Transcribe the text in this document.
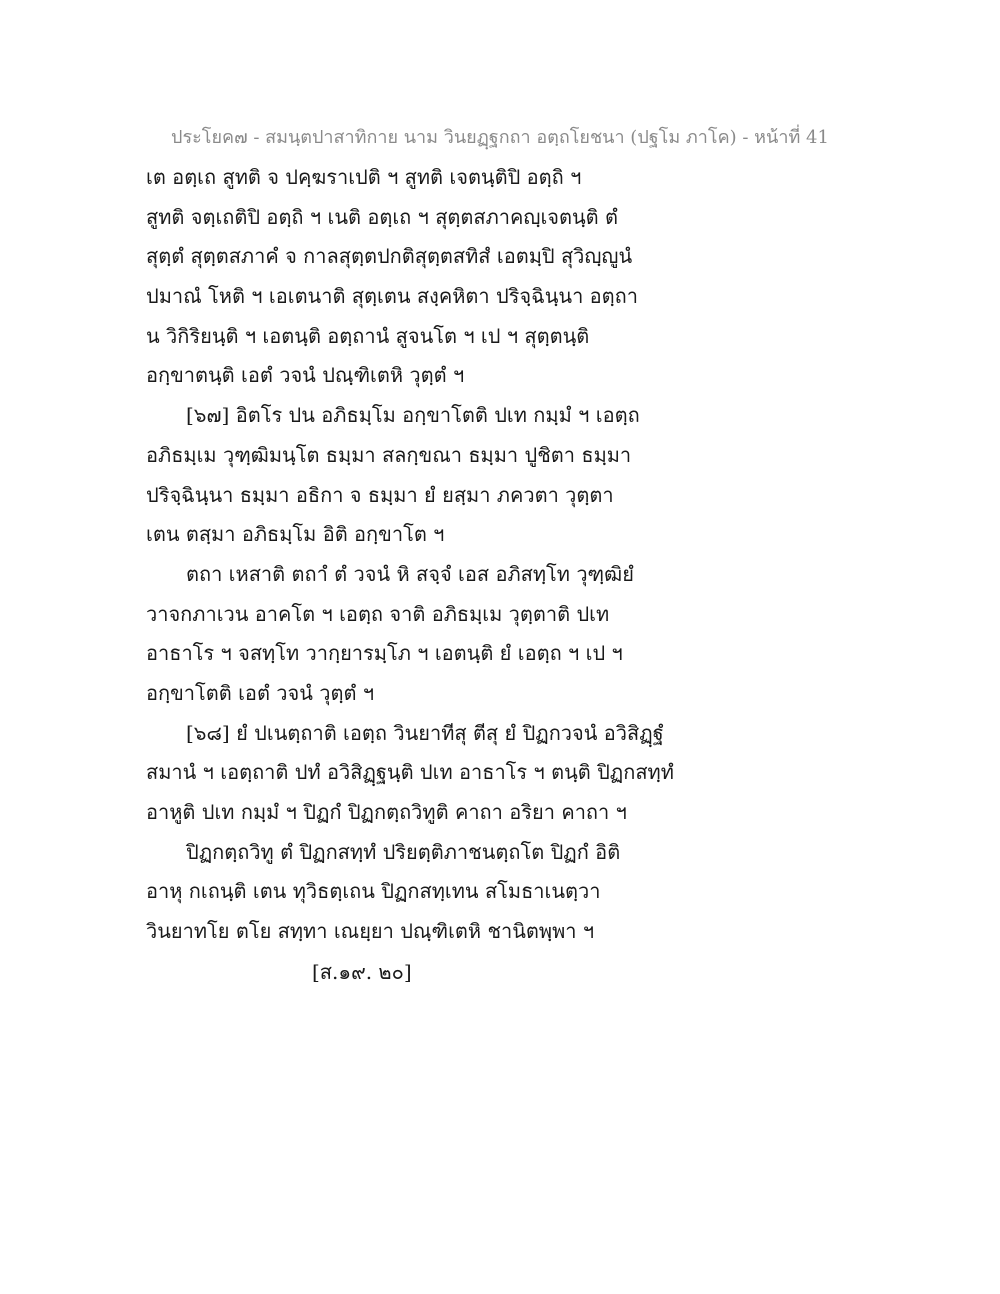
ประโยค๗ - สมนฺตปาสาทิกาย นาม วินยฏฺฐกถา อตฺถโยชนา (ปฐโม ภาโค) - หน้าที่ 41
เต อตฺเถ สูทติ จ ปคฺฆราเปติ ฯ สูทติ เจตนฺติปิ อตฺถิ ฯ
สูทติ จตฺเถติปิ อตฺถิ ฯ เนติ อตฺเถ ฯ สุตฺตสภาคญฺเจตนฺติ ตํ
สุตฺตํ สุตฺตสภาคํ จ กาลสุตฺตปกติสุตฺตสทิสํ เอตมฺปิ สุวิญฺญูนํ
ปมาณํ โหติ ฯ เอเตนาติ สุตฺเตน สงฺคหิตา ปริจฺฉินฺนา อตฺถา
น วิกิริยนฺติ ฯ เอตนฺติ อตฺถานํ สูจนโต ฯ เป ฯ สุตฺตนฺติ
อกฺขาตนฺติ เอตํ วจนํ ปณฺฑิเตหิ วุตฺตํ ฯ
[๖๗] อิตโร ปน อภิธมฺโม อกฺขาโตติ ปเท กมฺมํ ฯ เอตฺถ
อภิธมฺเม วุฑฺฒิมนฺโต ธมฺมา สลกฺขณา ธมฺมา ปูชิตา ธมฺมา
ปริจฺฉินฺนา ธมฺมา อธิกา จ ธมฺมา ยํ ยสฺมา ภควตา วุตฺตา
เตน ตสฺมา อภิธมฺโม อิติ อกฺขาโต ฯ
ตถา เหสาติ ตถาํ ตํ วจนํ หิ สจฺจํ เอส อภิสทฺโท วุฑฺฒิยํ
วาจกภาเวน อาคโต ฯ เอตฺถ จาติ อภิธมฺเม วุตฺตาติ ปเท
อาธาโร ฯ จสทฺโท วากฺยารมฺโภ ฯ เอตนฺติ ยํ เอตฺถ ฯ เป ฯ
อกฺขาโตติ เอตํ วจนํ วุตฺตํ ฯ
[๖๘] ยํ ปเนตฺถาติ เอตฺถ วินยาทีสุ ตีสุ ยํ ปิฏกวจนํ อวิสิฏฺฐํ
สมานํ ฯ เอตฺถาติ ปทํ อวิสิฏฺฐนฺติ ปเท อาธาโร ฯ ตนฺติ ปิฏกสทฺทํ
อาหูติ ปเท กมฺมํ ฯ ปิฏกํ ปิฏกตฺถวิทูติ คาถา อริยา คาถา ฯ
ปิฏกตฺถวิทู ตํ ปิฏกสทฺทํ ปริยตฺติภาชนตฺถโต ปิฏกํ อิติ
อาหุ กเถนฺติ เตน ทุวิธตฺเถน ปิฏกสทฺเทน สโมธาเนตฺวา
วินยาทโย ตโย สทฺทา เณยฺยา ปณฺฑิเตหิ ชานิตพฺพา ฯ
[ส.๑๙. ๒๐]
